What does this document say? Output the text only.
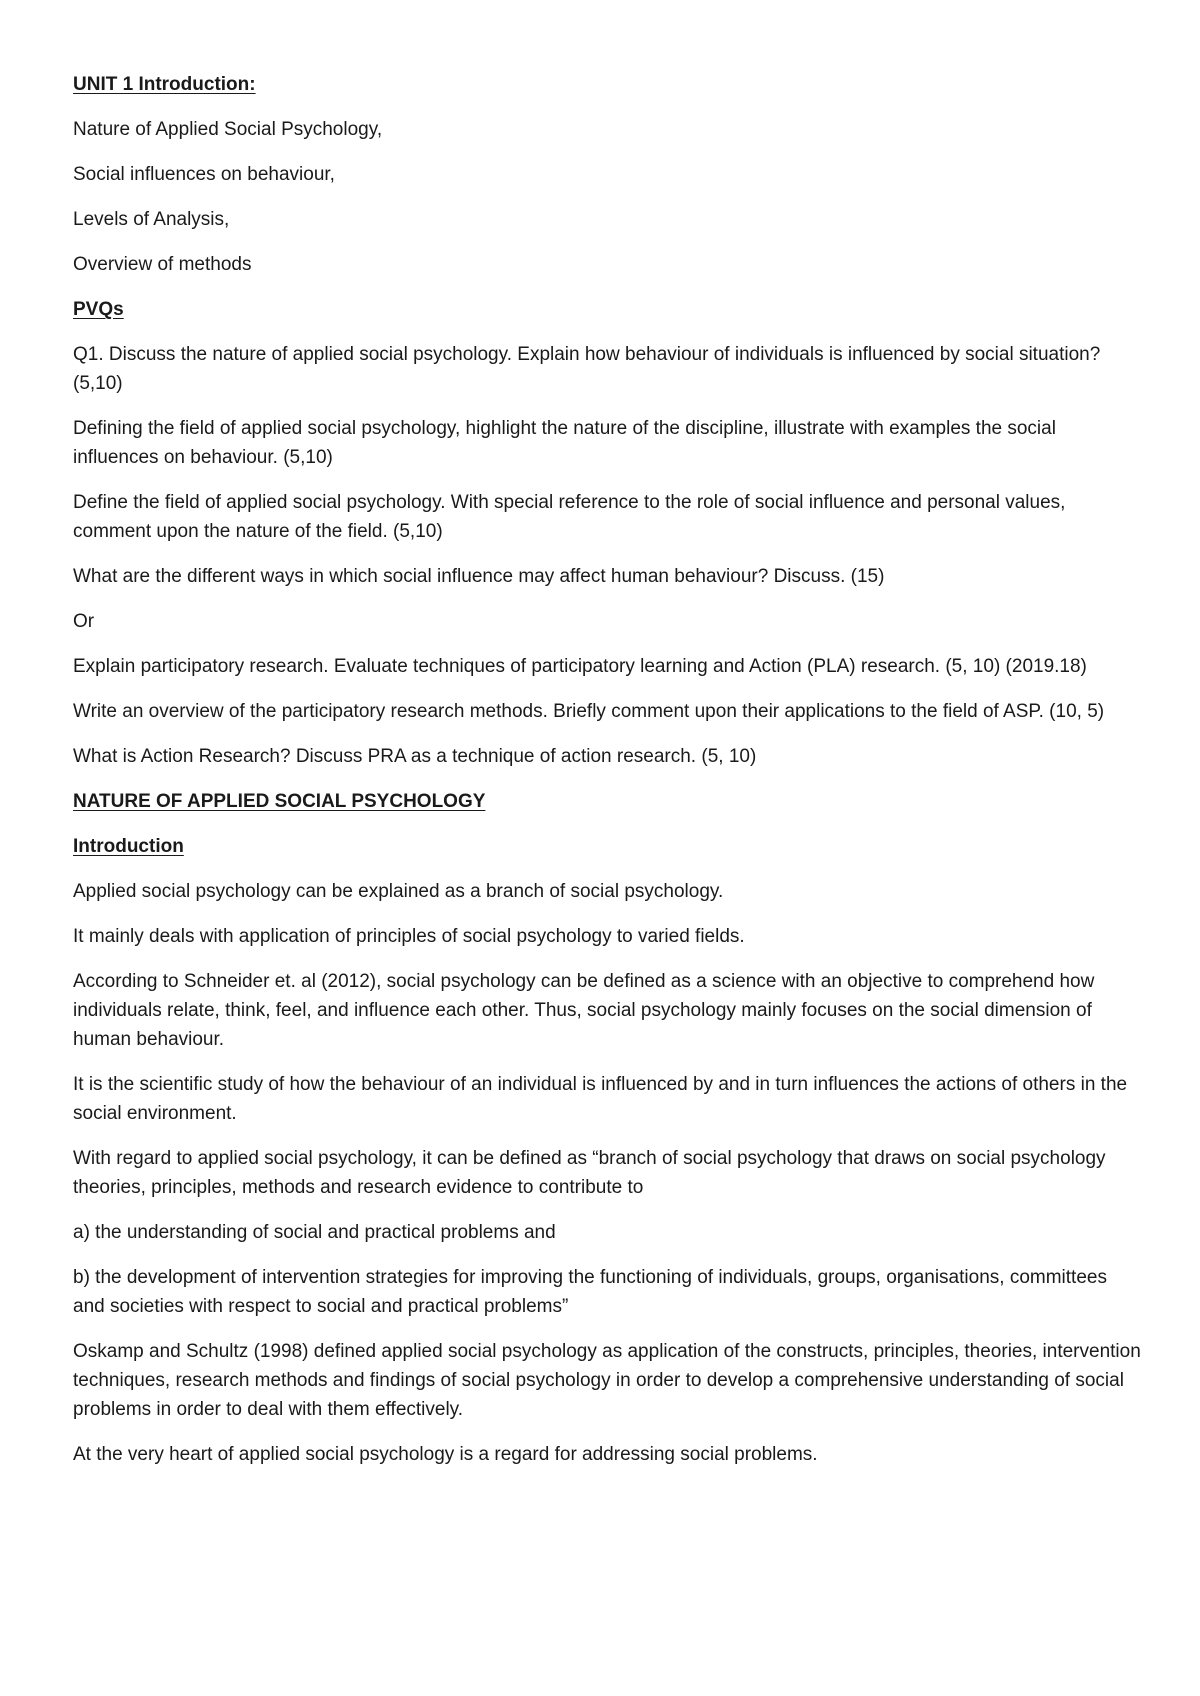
UNIT 1 Introduction:

Nature of Applied Social Psychology,

Social influences on behaviour,

Levels of Analysis,

Overview of methods

PVQs

Q1. Discuss the nature of applied social psychology. Explain how behaviour of individuals is influenced by social situation? (5,10)

Defining the field of applied social psychology, highlight the nature of the discipline, illustrate with examples the social influences on behaviour. (5,10)

Define the field of applied social psychology. With special reference to the role of social influence and personal values, comment upon the nature of the field. (5,10)

What are the different ways in which social influence may affect human behaviour? Discuss. (15)

Or

Explain participatory research. Evaluate techniques of participatory learning and Action (PLA) research. (5, 10) (2019.18)

Write an overview of the participatory research methods. Briefly comment upon their applications to the field of ASP. (10, 5)

What is Action Research? Discuss PRA as a technique of action research. (5, 10)

NATURE OF APPLIED SOCIAL PSYCHOLOGY

Introduction

Applied social psychology can be explained as a branch of social psychology.

It mainly deals with application of principles of social psychology to varied fields.

According to Schneider et. al (2012), social psychology can be defined as a science with an objective to comprehend how individuals relate, think, feel, and influence each other. Thus, social psychology mainly focuses on the social dimension of human behaviour.

It is the scientific study of how the behaviour of an individual is influenced by and in turn influences the actions of others in the social environment.

With regard to applied social psychology, it can be defined as “branch of social psychology that draws on social psychology theories, principles, methods and research evidence to contribute to

a) the understanding of social and practical problems and

b) the development of intervention strategies for improving the functioning of individuals, groups, organisations, committees and societies with respect to social and practical problems”

Oskamp and Schultz (1998) defined applied social psychology as application of the constructs, principles, theories, intervention techniques, research methods and findings of social psychology in order to develop a comprehensive understanding of social problems in order to deal with them effectively.

At the very heart of applied social psychology is a regard for addressing social problems.
